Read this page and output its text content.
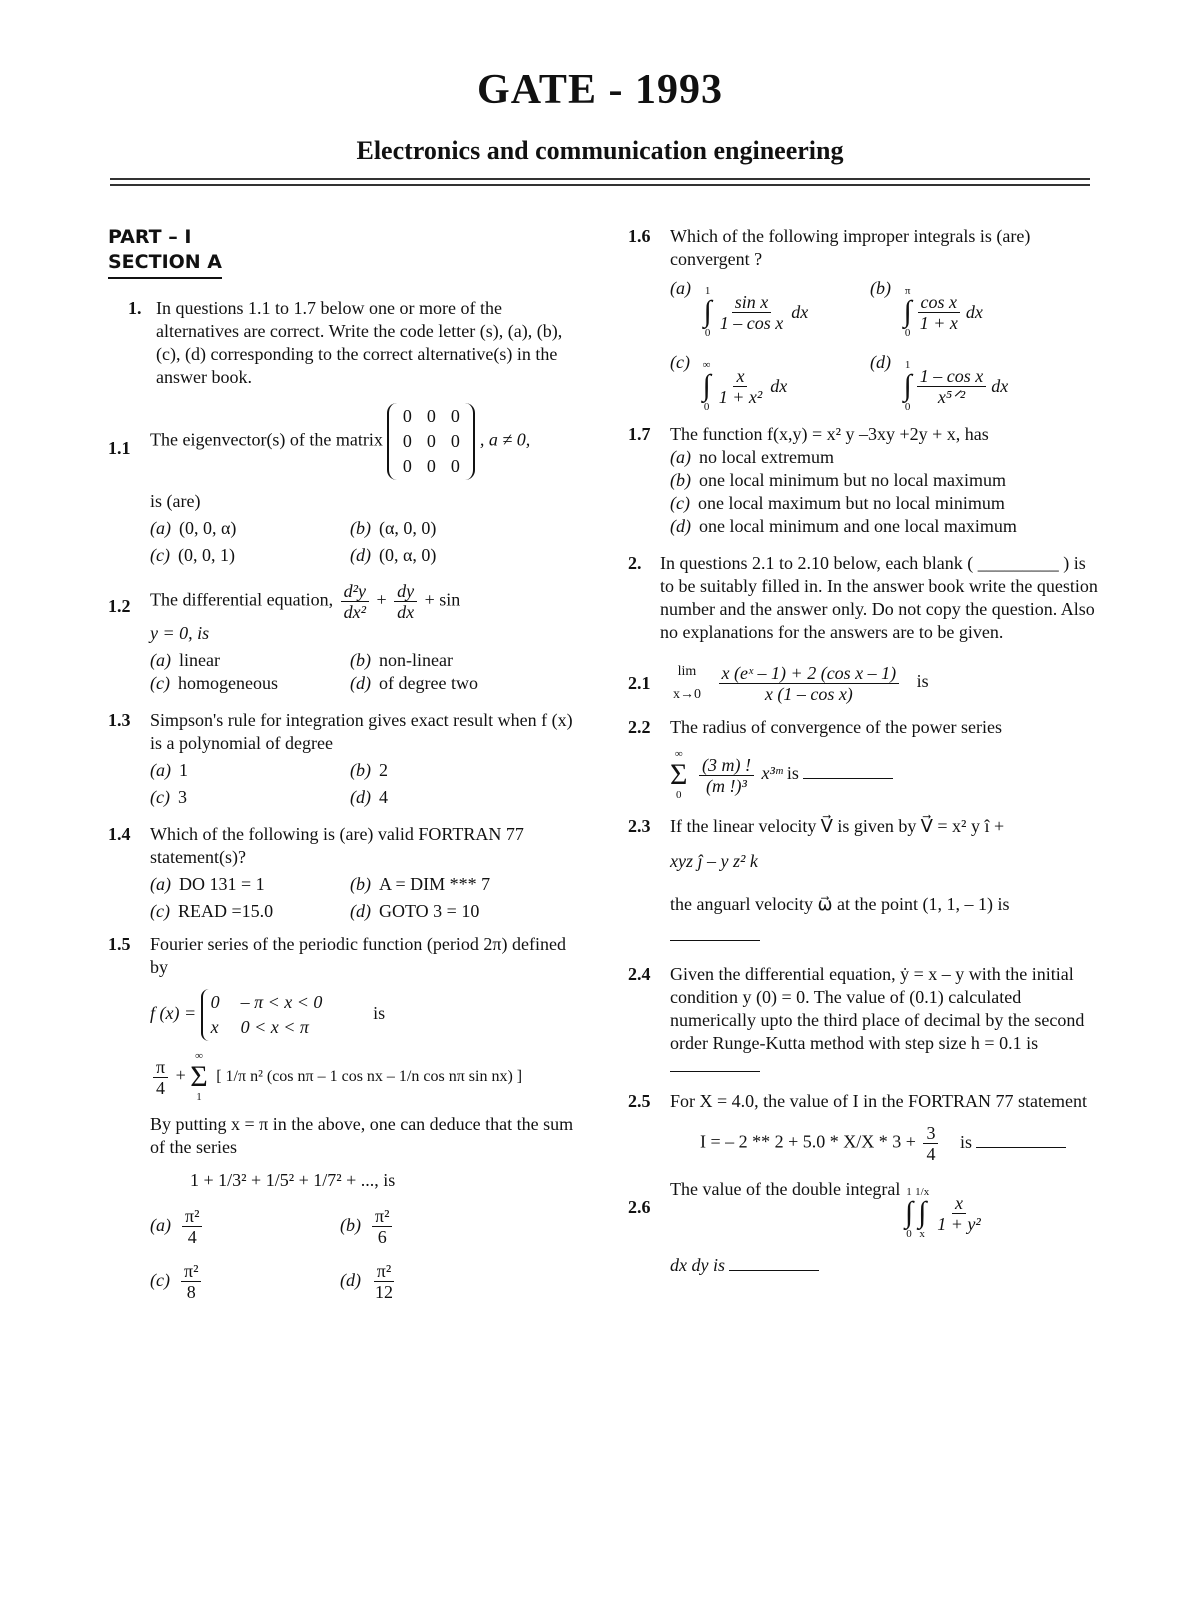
GATE - 1993
Electronics and communication engineering
PART – I
SECTION A
1. In questions 1.1 to 1.7 below one or more of the alternatives are correct. Write the code letter (s), (a), (b), (c), (d) corresponding to the correct alternative(s) in the answer book.
1.1 The eigenvector(s) of the matrix
0 0 0
0 0 0
0 0 0
, a ≠ 0,
is (are)
(a) (0, 0, α)	(b) (α, 0, 0)
(c) (0, 0, 1)	(d) (0, α, 0)
1.2 The differential equation, $\frac{\text{d²y}}{\text{dx²}} + \frac{dy}{dx} + \sin$
y = 0, is
(a) linear	(b) non-linear
(c) homogeneous	(d) of degree two
1.3 Simpson's rule for integration gives exact result when f (x) is a polynomial of degree
(a) 1	(b) 2
(c) 3	(d) 4
1.4 Which of the following is (are) valid FORTRAN 77 statement(s)?
(a) DO 131 = 1	(b) A = DIM *** 7
(c) READ =15.0	(d) GOTO 3 = 10
1.5 Fourier series of the periodic function (period 2π) defined by
f (x) =
0	– π < x < 0
x	0 < x < π
is
$\frac{\pi}{4}$ +
∞
Σ
1
[ 1/π n² (cos nπ – 1 cos nx – 1/n cos nπ sin nx) ]
By putting x = π in the above, one can deduce that the sum of the series
1 + 1/3² + 1/5² + 1/7² + ..., is
$(a) \frac{\text{π²}}{4}$	$(b) \frac{\text{π²}}{6}$
$(c) \frac{\text{π²}}{8}$	$(d) \frac{\text{π²}}{12}$
1.6 Which of the following improper integrals is (are) convergent ?
(a) 1
∫
0
$\frac{\text{sin x}}{\text{1 – cos x}}$ dx
(b) π
∫
0
$\frac{\text{cos x}}{1 + x}$ dx
(c) ∞
∫
0
$\frac{x}{\text{1 + x²}}$ dx
(d) 1
∫
0
$\frac{\text{1 – cos x}}{\text{x⁵ᐟ²}}$ dx
1.7 The function f(x,y) = x² y –3xy +2y + x, has
(a) no local extremum
(b) one local minimum but no local maximum
(c) one local maximum but no local minimum
(d) one local minimum and one local maximum
2. In questions 2.1 to 2.10 below, each blank ( _________ ) is to be suitably filled in. In the answer book write the question number and the answer only. Do not copy the question. Also no explanations for the answers are to be given.
2.1
lim
x→0
$\frac{\text{x (eˣ – 1) + 2 (cos x – 1)}}{\text{x (1 – cos x)}}$ is
2.2 The radius of convergence of the power series
∞
Σ
0
$\frac{(3 m) !}{\text{(m !)³}}$ x³ᵐ is
2.3 If the linear velocity V⃗ is given by V⃗ = x² y î +
xyz ĵ – y z² k
the anguarl velocity ω⃗ at the point (1, 1, – 1) is
2.4 Given the differential equation, ẏ = x – y with the initial condition y (0) = 0. The value of (0.1) calculated numerically upto the third place of decimal by the second order Runge-Kutta method with step size h = 0.1 is
2.5 For X = 4.0, the value of I in the FORTRAN 77 statement
I = – $2 ** 2 + 5.0 * X/X * 3 + \frac{3}{4}$ is
2.6
The value of the double integral 1
∫
0
1/x
∫
x
$\frac{x}{\text{1 + y²}}$
dx dy is
